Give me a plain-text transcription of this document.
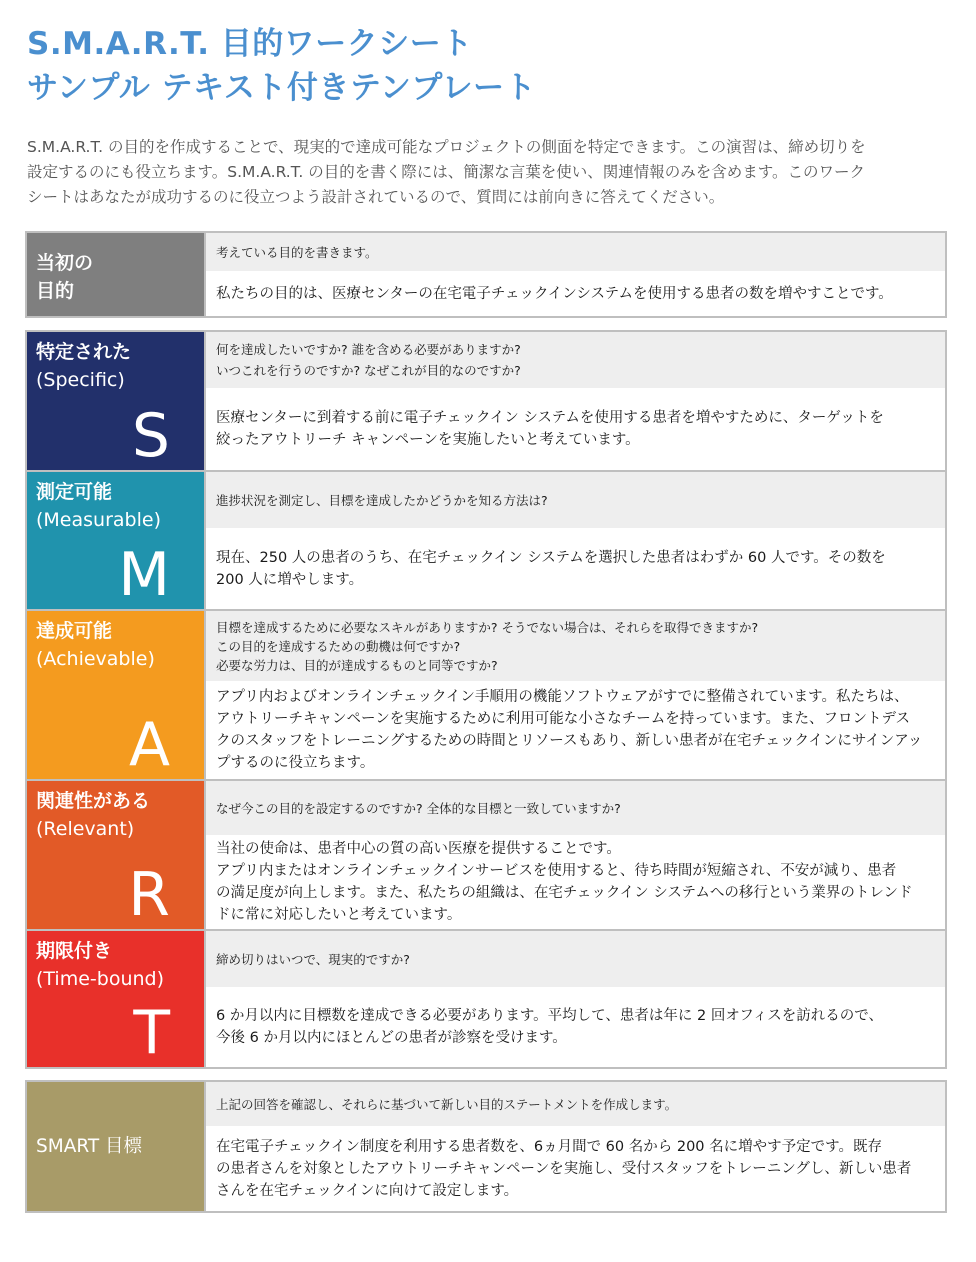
S.M.A.R.T. 目的ワークシート
サンプル テキスト付きテンプレート
S.M.A.R.T. の目的を作成することで、現実的で達成可能なプロジェクトの側面を特定できます。この演習は、締め切りを
設定するのにも役立ちます。S.M.A.R.T. の目的を書く際には、簡潔な言葉を使い、関連情報のみを含めます。このワーク
シートはあなたが成功するのに役立つよう設計されているので、質問には前向きに答えてください。
当初の
目的
考えている目的を書きます。
私たちの目的は、医療センターの在宅電子チェックインシステムを使用する患者の数を増やすことです。
特定された
(Specific)
S
何を達成したいですか? 誰を含める必要がありますか?
いつこれを行うのですか? なぜこれが目的なのですか?
医療センターに到着する前に電子チェックイン システムを使用する患者を増やすために、ターゲットを
絞ったアウトリーチ キャンペーンを実施したいと考えています。
測定可能
(Measurable)
M
進捗状況を測定し、目標を達成したかどうかを知る方法は?
現在、250 人の患者のうち、在宅チェックイン システムを選択した患者はわずか 60 人です。その数を
200 人に増やします。
達成可能
(Achievable)
A
目標を達成するために必要なスキルがありますか? そうでない場合は、それらを取得できますか?
この目的を達成するための動機は何ですか?
必要な労力は、目的が達成するものと同等ですか?
アプリ内およびオンラインチェックイン手順用の機能ソフトウェアがすでに整備されています。私たちは、
アウトリーチキャンペーンを実施するために利用可能な小さなチームを持っています。また、フロントデス
クのスタッフをトレーニングするための時間とリソースもあり、新しい患者が在宅チェックインにサインアッ
プするのに役立ちます。
関連性がある
(Relevant)
R
なぜ今この目的を設定するのですか? 全体的な目標と一致していますか?
当社の使命は、患者中心の質の高い医療を提供することです。
アプリ内またはオンラインチェックインサービスを使用すると、待ち時間が短縮され、不安が減り、患者
の満足度が向上します。また、私たちの組織は、在宅チェックイン システムへの移行という業界のトレンド
ドに常に対応したいと考えています。
期限付き
(Time-bound)
T
締め切りはいつで、現実的ですか?
6 か月以内に目標数を達成できる必要があります。平均して、患者は年に 2 回オフィスを訪れるので、
今後 6 か月以内にほとんどの患者が診察を受けます。
SMART 目標
上記の回答を確認し、それらに基づいて新しい目的ステートメントを作成します。
在宅電子チェックイン制度を利用する患者数を、6ヵ月間で 60 名から 200 名に増やす予定です。既存
の患者さんを対象としたアウトリーチキャンペーンを実施し、受付スタッフをトレーニングし、新しい患者
さんを在宅チェックインに向けて設定します。
